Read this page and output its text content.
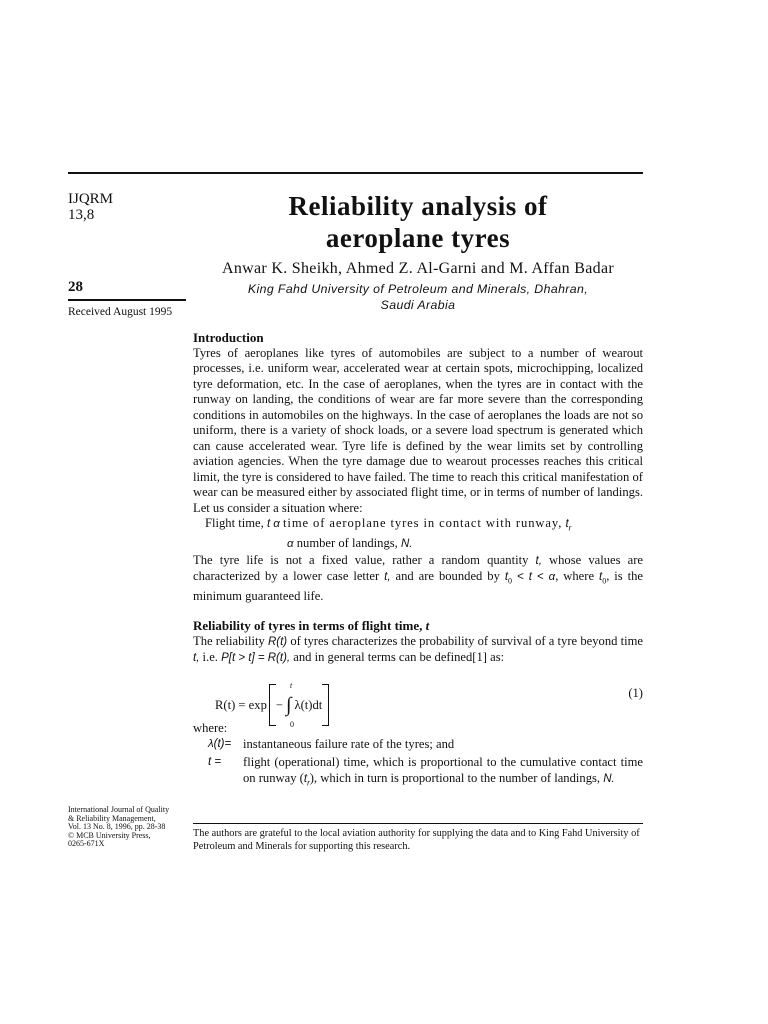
IJQRM
13,8
28
Received August 1995
Reliability analysis of
aeroplane tyres
Anwar K. Sheikh, Ahmed Z. Al-Garni and M. Affan Badar
King Fahd University of Petroleum and Minerals, Dhahran,
Saudi Arabia
Introduction
Tyres of aeroplanes like tyres of automobiles are subject to a number of wearout processes, i.e. uniform wear, accelerated wear at certain spots, microchipping, localized tyre deformation, etc. In the case of aeroplanes, when the tyres are in contact with the runway on landing, the conditions of wear are far more severe than the corresponding conditions in automobiles on the highways. In the case of aeroplanes the loads are not so uniform, there is a variety of shock loads, or a severe load spectrum is generated which can cause accelerated wear. Tyre life is defined by the wear limits set by controlling aviation agencies. When the tyre damage due to wearout processes reaches this critical limit, the tyre is considered to have failed. The time to reach this critical manifestation of wear can be measured either by associated flight time, or in terms of number of landings. Let us consider a situation where:
Flight time, t α time of aeroplane tyres in contact with runway, $t_r$
α number of landings, N.
The tyre life is not a fixed value, rather a random quantity t, whose values are characterized by a lower case letter t, and are bounded by $t_0 < t < \alpha$, where $t_0$, is the minimum guaranteed life.
Reliability of tyres in terms of flight time, t
The reliability R(t) of tyres characterizes the probability of survival of a tyre beyond time t, i.e. P[t > t] = R(t), and in general terms can be defined[1] as:
R(t) = exp − ∫
t
0
λ(t)dt
(1)
where:
λ(t)= instantaneous failure rate of the tyres; and
t = flight (operational) time, which is proportional to the cumulative contact time on runway $(t_r)$, which in turn is proportional to the number of landings, N.
International Journal of Quality
& Reliability Management,
Vol. 13 No. 8, 1996, pp. 28-38
© MCB University Press,
0265-671X
The authors are grateful to the local aviation authority for supplying the data and to King Fahd University of Petroleum and Minerals for supporting this research.
